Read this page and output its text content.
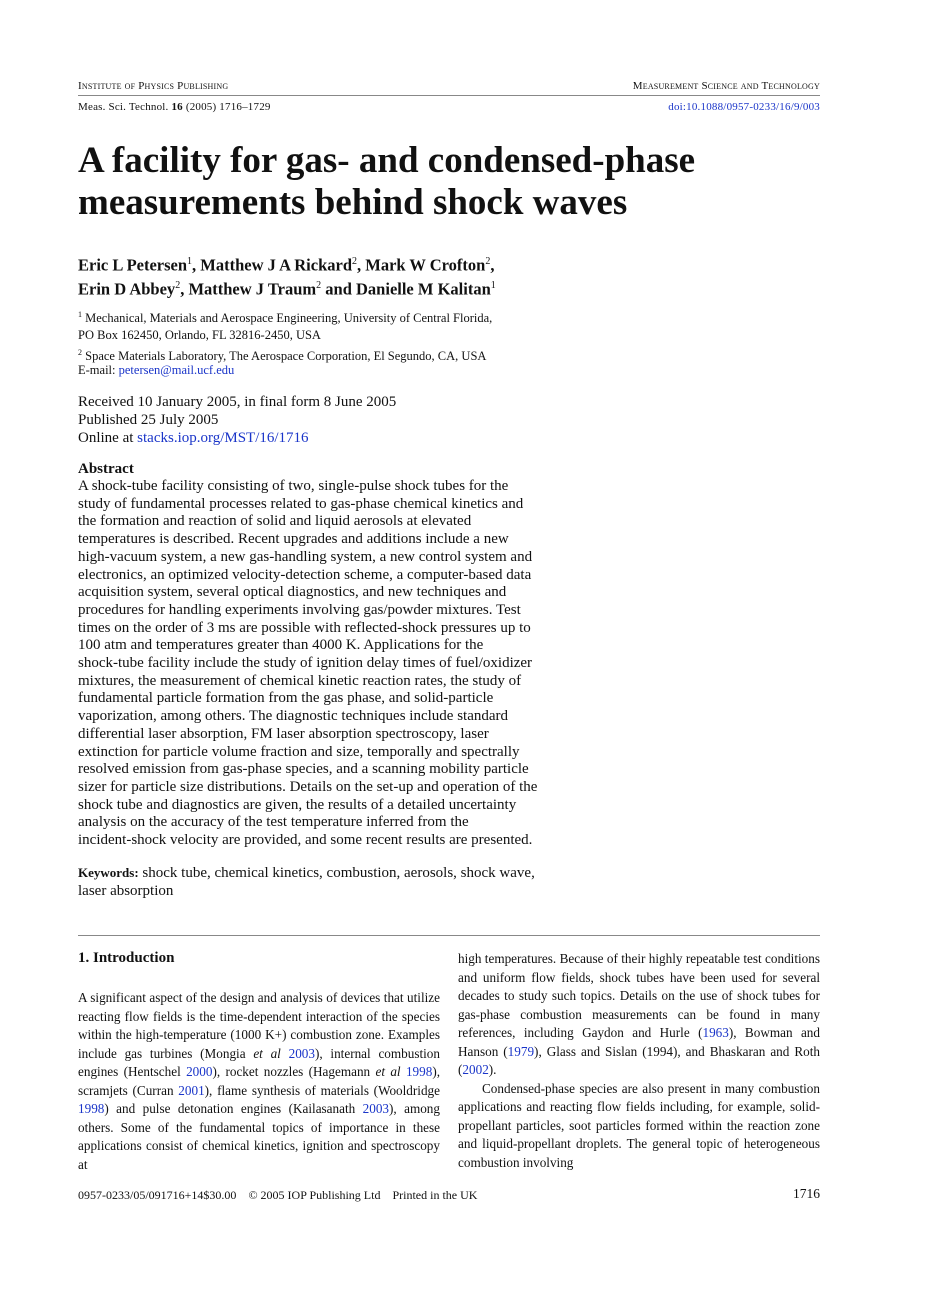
Institute of Physics Publishing	Measurement Science and Technology
Meas. Sci. Technol. 16 (2005) 1716–1729	doi:10.1088/0957-0233/16/9/003
A facility for gas- and condensed-phase
measurements behind shock waves
Eric L Petersen$^1$, Matthew J A Rickard$^2$, Mark W Crofton$^2$,
Erin D Abbey$^2$, Matthew J Traum$^2$ and Danielle M Kalitan$^1$
$^1$ Mechanical, Materials and Aerospace Engineering, University of Central Florida,
PO Box 162450, Orlando, FL 32816-2450, USA
$^2$ Space Materials Laboratory, The Aerospace Corporation, El Segundo, CA, USA
E-mail: petersen@mail.ucf.edu
Received 10 January 2005, in final form 8 June 2005
Published 25 July 2005
Online at stacks.iop.org/MST/16/1716
Abstract
A shock-tube facility consisting of two, single-pulse shock tubes for the
study of fundamental processes related to gas-phase chemical kinetics and
the formation and reaction of solid and liquid aerosols at elevated
temperatures is described. Recent upgrades and additions include a new
high-vacuum system, a new gas-handling system, a new control system and
electronics, an optimized velocity-detection scheme, a computer-based data
acquisition system, several optical diagnostics, and new techniques and
procedures for handling experiments involving gas/powder mixtures. Test
times on the order of 3 ms are possible with reflected-shock pressures up to
100 atm and temperatures greater than 4000 K. Applications for the
shock-tube facility include the study of ignition delay times of fuel/oxidizer
mixtures, the measurement of chemical kinetic reaction rates, the study of
fundamental particle formation from the gas phase, and solid-particle
vaporization, among others. The diagnostic techniques include standard
differential laser absorption, FM laser absorption spectroscopy, laser
extinction for particle volume fraction and size, temporally and spectrally
resolved emission from gas-phase species, and a scanning mobility particle
sizer for particle size distributions. Details on the set-up and operation of the
shock tube and diagnostics are given, the results of a detailed uncertainty
analysis on the accuracy of the test temperature inferred from the
incident-shock velocity are provided, and some recent results are presented.
Keywords: shock tube, chemical kinetics, combustion, aerosols, shock wave,
laser absorption
1. Introduction

A significant aspect of the design and analysis of devices that utilize reacting flow fields is the time-dependent interaction of the species within the high-temperature (1000 K+) combustion zone. Examples include gas turbines (Mongia et al 2003), internal combustion engines (Hentschel 2000), rocket nozzles (Hagemann et al 1998), scramjets (Curran 2001), flame synthesis of materials (Wooldridge 1998) and pulse detonation engines (Kailasanath 2003), among others. Some of the fundamental topics of importance in these applications consist of chemical kinetics, ignition and spectroscopy at

high temperatures. Because of their highly repeatable test conditions and uniform flow fields, shock tubes have been used for several decades to study such topics. Details on the use of shock tubes for gas-phase combustion measurements can be found in many references, including Gaydon and Hurle (1963), Bowman and Hanson (1979), Glass and Sislan (1994), and Bhaskaran and Roth (2002).

Condensed-phase species are also present in many combustion applications and reacting flow fields including, for example, solid-propellant particles, soot particles formed within the reaction zone and liquid-propellant droplets. The general topic of heterogeneous combustion involving

0957-0233/05/091716+14$30.00 © 2005 IOP Publishing Ltd Printed in the UK	1716
